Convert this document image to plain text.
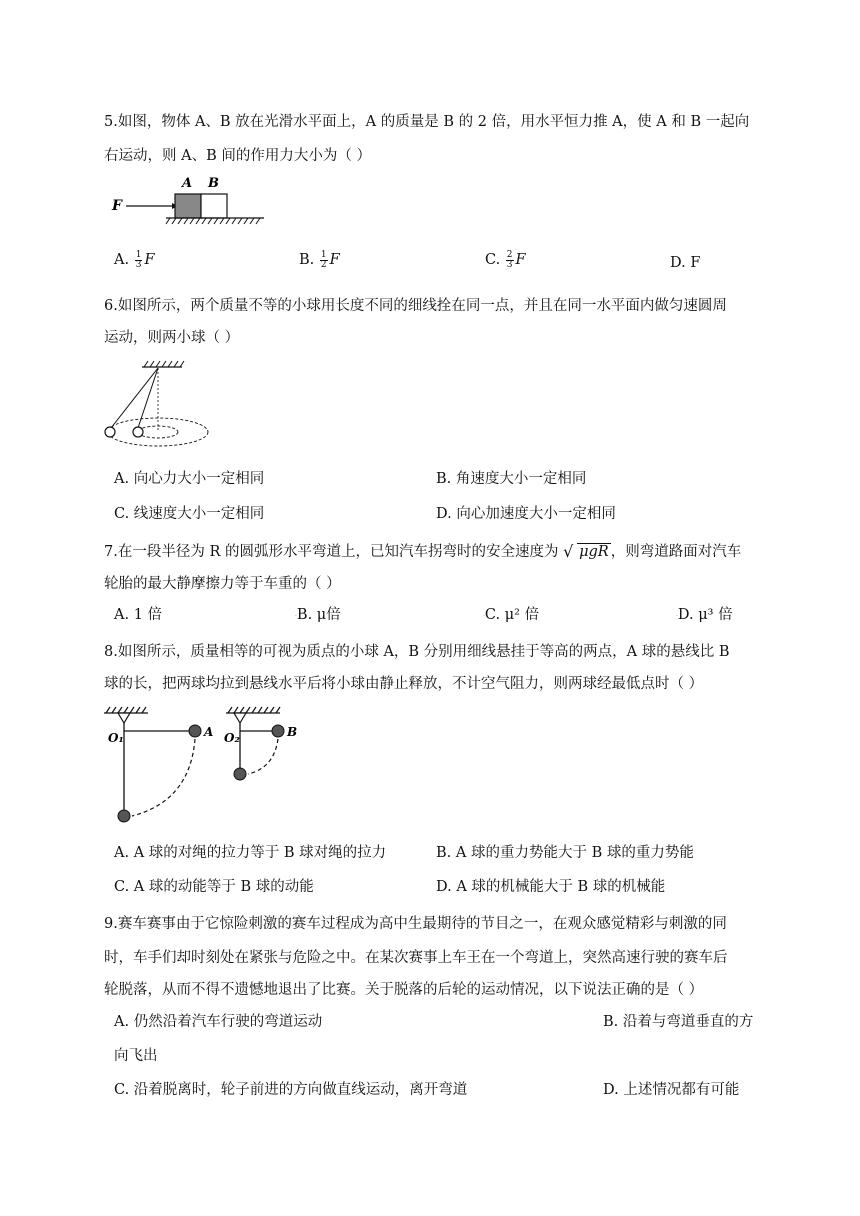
5.如图，物体 A、B 放在光滑水平面上，A 的质量是 B 的 2 倍，用水平恒力推 A，使 A 和 B 一起向
右运动，则 A、B 间的作用力大小为（ ）
F
A B
A. $\frac{1}{3}$ F	B. $\frac{1}{2}$ F	C. $\frac{2}{3}$ F	D. F
6.如图所示，两个质量不等的小球用长度不同的细线拴在同一点，并且在同一水平面内做匀速圆周
运动，则两小球（ ）
A. 向心力大小一定相同	B. 角速度大小一定相同
C. 线速度大小一定相同	D. 向心加速度大小一定相同
7.在一段半径为 R 的圆弧形水平弯道上，已知汽车拐弯时的安全速度为 √ μgR ，则弯道路面对汽车
轮胎的最大静摩擦力等于车重的（ ）
A. 1 倍	.B. μ倍	.C. μ² 倍	.D. μ³ 倍
8.如图所示，质量相等的可视为质点的小球 A，B 分别用细线悬挂于等高的两点，A 球的悬线比 B
球的长，把两球均拉到悬线水平后将小球由静止释放，不计空气阻力，则两球经最低点时（ ）
O₁	A O₂	B
A. A 球的对绳的拉力等于 B 球对绳的拉力	B. A 球的重力势能大于 B 球的重力势能
C. A 球的动能等于 B 球的动能	D. A 球的机械能大于 B 球的机械能
9.赛车赛事由于它惊险刺激的赛车过程成为高中生最期待的节目之一，在观众感觉精彩与刺激的同
时，车手们却时刻处在紧张与危险之中。在某次赛事上车王在一个弯道上，突然高速行驶的赛车后
轮脱落，从而不得不遗憾地退出了比赛。关于脱落的后轮的运动情况，以下说法正确的是（ ）
A. 仍然沿着汽车行驶的弯道运动	B. 沿着与弯道垂直的方
向飞出
C. 沿着脱离时，轮子前进的方向做直线运动，离开弯道	D. 上述情况都有可能
